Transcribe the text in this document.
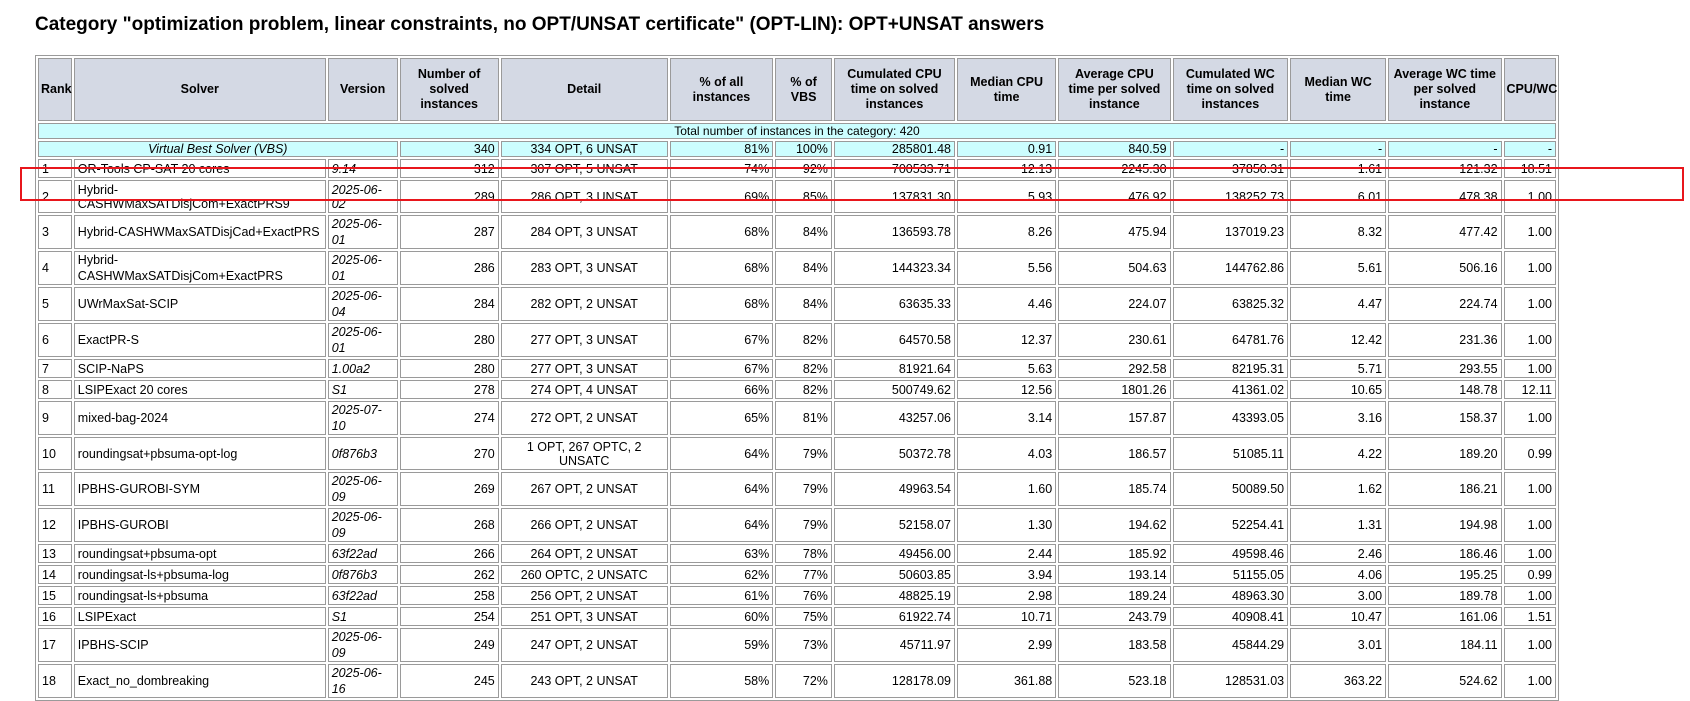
Category "optimization problem, linear constraints, no OPT/UNSAT certificate" (OPT-LIN): OPT+UNSAT answers
Rank	Solver	Version	Number of solved instances	Detail	% of all instances	% of VBS	Cumulated CPU time on solved instances	Median CPU time	Average CPU time per solved instance	Cumulated WC time on solved instances	Median WC time	Average WC time per solved instance	CPU/WC
Total number of instances in the category: 420													
Virtual Best Solver (VBS)			340	334 OPT, 6 UNSAT	81%	100%	285801.48	0.91	840.59	-	-	-	-
1	OR-Tools CP-SAT 20 cores	9.14	312	307 OPT, 5 UNSAT	74%	92%	700533.71	12.13	2245.30	37850.31	1.61	121.32	18.51
2	Hybrid-CASHWMaxSATDisjCom+ExactPRS9	2025-06-02	289	286 OPT, 3 UNSAT	69%	85%	137831.30	5.93	476.92	138252.73	6.01	478.38	1.00
3	Hybrid-CASHWMaxSATDisjCad+ExactPRS	2025-06-01	287	284 OPT, 3 UNSAT	68%	84%	136593.78	8.26	475.94	137019.23	8.32	477.42	1.00
4	Hybrid-CASHWMaxSATDisjCom+ExactPRS	2025-06-01	286	283 OPT, 3 UNSAT	68%	84%	144323.34	5.56	504.63	144762.86	5.61	506.16	1.00
5	UWrMaxSat-SCIP	2025-06-04	284	282 OPT, 2 UNSAT	68%	84%	63635.33	4.46	224.07	63825.32	4.47	224.74	1.00
6	ExactPR-S	2025-06-01	280	277 OPT, 3 UNSAT	67%	82%	64570.58	12.37	230.61	64781.76	12.42	231.36	1.00
7	SCIP-NaPS	1.00a2	280	277 OPT, 3 UNSAT	67%	82%	81921.64	5.63	292.58	82195.31	5.71	293.55	1.00
8	LSIPExact 20 cores	S1	278	274 OPT, 4 UNSAT	66%	82%	500749.62	12.56	1801.26	41361.02	10.65	148.78	12.11
9	mixed-bag-2024	2025-07-10	274	272 OPT, 2 UNSAT	65%	81%	43257.06	3.14	157.87	43393.05	3.16	158.37	1.00
10	roundingsat+pbsuma-opt-log	0f876b3	270	1 OPT, 267 OPTC, 2 UNSATC	64%	79%	50372.78	4.03	186.57	51085.11	4.22	189.20	0.99
11	IPBHS-GUROBI-SYM	2025-06-09	269	267 OPT, 2 UNSAT	64%	79%	49963.54	1.60	185.74	50089.50	1.62	186.21	1.00
12	IPBHS-GUROBI	2025-06-09	268	266 OPT, 2 UNSAT	64%	79%	52158.07	1.30	194.62	52254.41	1.31	194.98	1.00
13	roundingsat+pbsuma-opt	63f22ad	266	264 OPT, 2 UNSAT	63%	78%	49456.00	2.44	185.92	49598.46	2.46	186.46	1.00
14	roundingsat-ls+pbsuma-log	0f876b3	262	260 OPTC, 2 UNSATC	62%	77%	50603.85	3.94	193.14	51155.05	4.06	195.25	0.99
15	roundingsat-ls+pbsuma	63f22ad	258	256 OPT, 2 UNSAT	61%	76%	48825.19	2.98	189.24	48963.30	3.00	189.78	1.00
16	LSIPExact	S1	254	251 OPT, 3 UNSAT	60%	75%	61922.74	10.71	243.79	40908.41	10.47	161.06	1.51
17	IPBHS-SCIP	2025-06-09	249	247 OPT, 2 UNSAT	59%	73%	45711.97	2.99	183.58	45844.29	3.01	184.11	1.00
18	Exact_no_dombreaking	2025-06-16	245	243 OPT, 2 UNSAT	58%	72%	128178.09	361.88	523.18	128531.03	363.22	524.62	1.00
